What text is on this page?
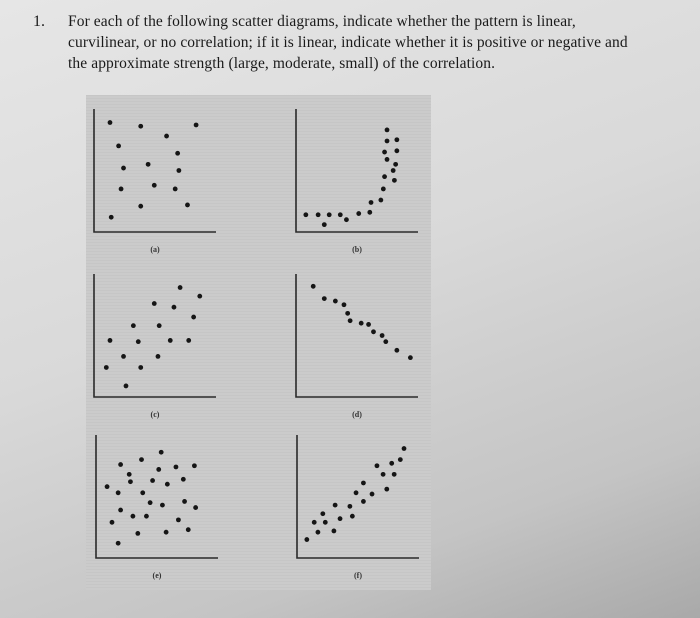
1. For each of the following scatter diagrams, indicate whether the pattern is linear,
curvilinear, or no correlation; if it is linear, indicate whether it is positive or negative and
the approximate strength (large, moderate, small) of the correlation.
(a)	(b)
(c)	(d)
(e)	(f)
